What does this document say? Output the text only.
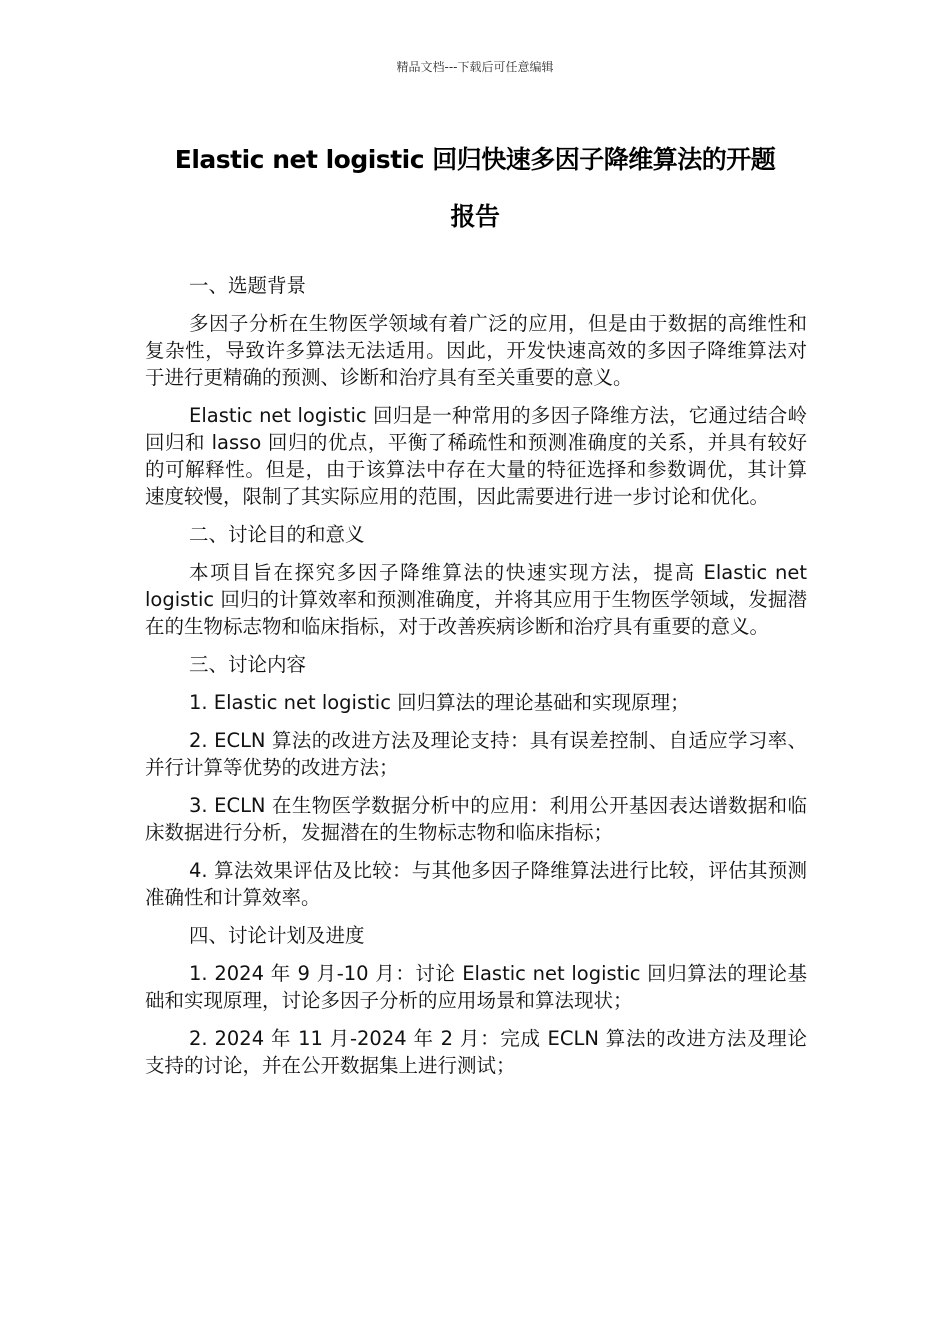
精品文档---下载后可任意编辑
Elastic net logistic 回归快速多因子降维算法的开题
报告

一、选题背景

多因子分析在生物医学领域有着广泛的应用，但是由于数据的高维性和复杂性，导致许多算法无法适用。因此，开发快速高效的多因子降维算法对于进行更精确的预测、诊断和治疗具有至关重要的意义。

Elastic net logistic 回归是一种常用的多因子降维方法，它通过结合岭回归和 lasso 回归的优点，平衡了稀疏性和预测准确度的关系，并具有较好的可解释性。但是，由于该算法中存在大量的特征选择和参数调优，其计算速度较慢，限制了其实际应用的范围，因此需要进行进一步讨论和优化。

二、讨论目的和意义

本项目旨在探究多因子降维算法的快速实现方法，提高 Elastic net logistic 回归的计算效率和预测准确度，并将其应用于生物医学领域，发掘潜在的生物标志物和临床指标，对于改善疾病诊断和治疗具有重要的意义。

三、讨论内容

1. Elastic net logistic 回归算法的理论基础和实现原理；

2. ECLN 算法的改进方法及理论支持：具有误差控制、自适应学习率、并行计算等优势的改进方法；

3. ECLN 在生物医学数据分析中的应用：利用公开基因表达谱数据和临床数据进行分析，发掘潜在的生物标志物和临床指标；

4. 算法效果评估及比较：与其他多因子降维算法进行比较，评估其预测准确性和计算效率。

四、讨论计划及进度

1. 2024 年 9 月-10 月：讨论 Elastic net logistic 回归算法的理论基础和实现原理，讨论多因子分析的应用场景和算法现状；

2. 2024 年 11 月-2024 年 2 月：完成 ECLN 算法的改进方法及理论支持的讨论，并在公开数据集上进行测试；
